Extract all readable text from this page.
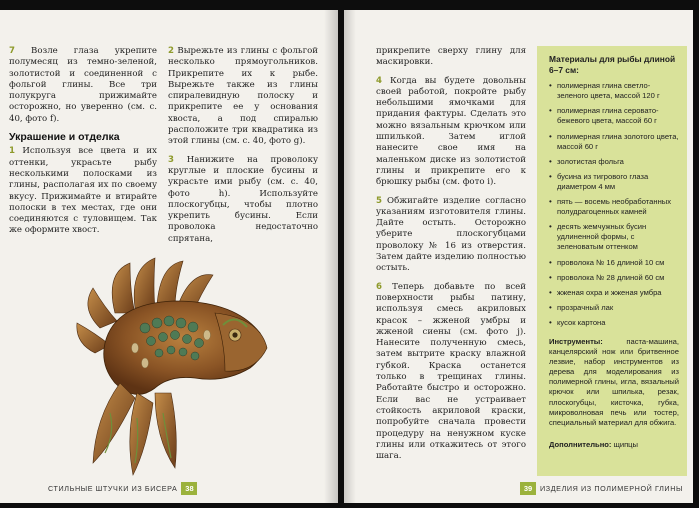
7 Возле глаза укрепите полумесяц из темно-зеленой, золотистой и соединенной с фольгой глины. Все три полукруга прижимайте осторожно, но уверенно (см. с. 40, фото f).

Украшение и отделка

1 Используя все цвета и их оттенки, украсьте рыбу несколькими полосками из глины, располагая их по своему вкусу. Прижимайте и втирайте полоски в тех местах, где они соединяются с туловищем. Так же оформите хвост.

2 Вырежьте из глины с фольгой несколько прямоугольников. Прикрепите их к рыбе. Вырежьте также из глины спиралевидную полоску и прикрепите ее у основания хвоста, а под спиралью расположите три квадратика из этой глины (см. с. 40, фото g).

3 Нанижите на проволоку круглые и плоские бусины и украсьте ими рыбу (см. с. 40, фото h). Используйте плоскогубцы, чтобы плотно укрепить бусины. Если проволока недостаточно спрятана,

СТИЛЬНЫЕ ШТУЧКИ ИЗ БИСЕРА	38

прикрепите сверху глину для маскировки.

4 Когда вы будете довольны своей работой, покройте рыбу небольшими ямочками для придания фактуры. Сделать это можно вязальным крючком или шпилькой. Затем иглой нанесите свое имя на маленьком диске из золотистой глины и прикрепите его к брюшку рыбы (см. фото i).

5 Обжигайте изделие согласно указаниям изготовителя глины. Дайте остыть. Осторожно уберите плоскогубцами проволоку № 16 из отверстия. Затем дайте изделию полностью остыть.

6 Теперь добавьте по всей поверхности рыбы патину, используя смесь акриловых красок – жженой умбры и жженой сиены (см. фото j). Нанесите полученную смесь, затем вытрите краску влажной губкой. Краска останется только в трещинах глины. Работайте быстро и осторожно. Если вас не устраивает стойкость акриловой краски, попробуйте сначала провести процедуру на ненужном куске глины или откажитесь от этого шага.

Материалы для рыбы длиной 6–7 см:
• полимерная глина светло-зеленого цвета, массой 120 г
• полимерная глина серовато-бежевого цвета, массой 60 г
• полимерная глина золотого цвета, массой 60 г
• золотистая фольга
• бусина из тигрового глаза диаметром 4 мм
• пять — восемь необработанных полудрагоценных камней
• десять жемчужных бусин удлиненной формы, с зеленоватым оттенком
• проволока № 16 длиной 10 см
• проволока № 28 длиной 60 см
• жженая охра и жженая умбра
• прозрачный лак
• кусок картона
Инструменты:	паста-машина, канцелярский нож или бритвенное лезвие, набор инструментов из дерева для моделирования из полимерной глины, игла, вязальный крючок или шпилька, резак, плоскогубцы, кисточка, губка, микроволновая печь или тостер, специальный материал для обжига.
Дополнительно: щипцы
39	ИЗДЕЛИЯ ИЗ ПОЛИМЕРНОЙ ГЛИНЫ
